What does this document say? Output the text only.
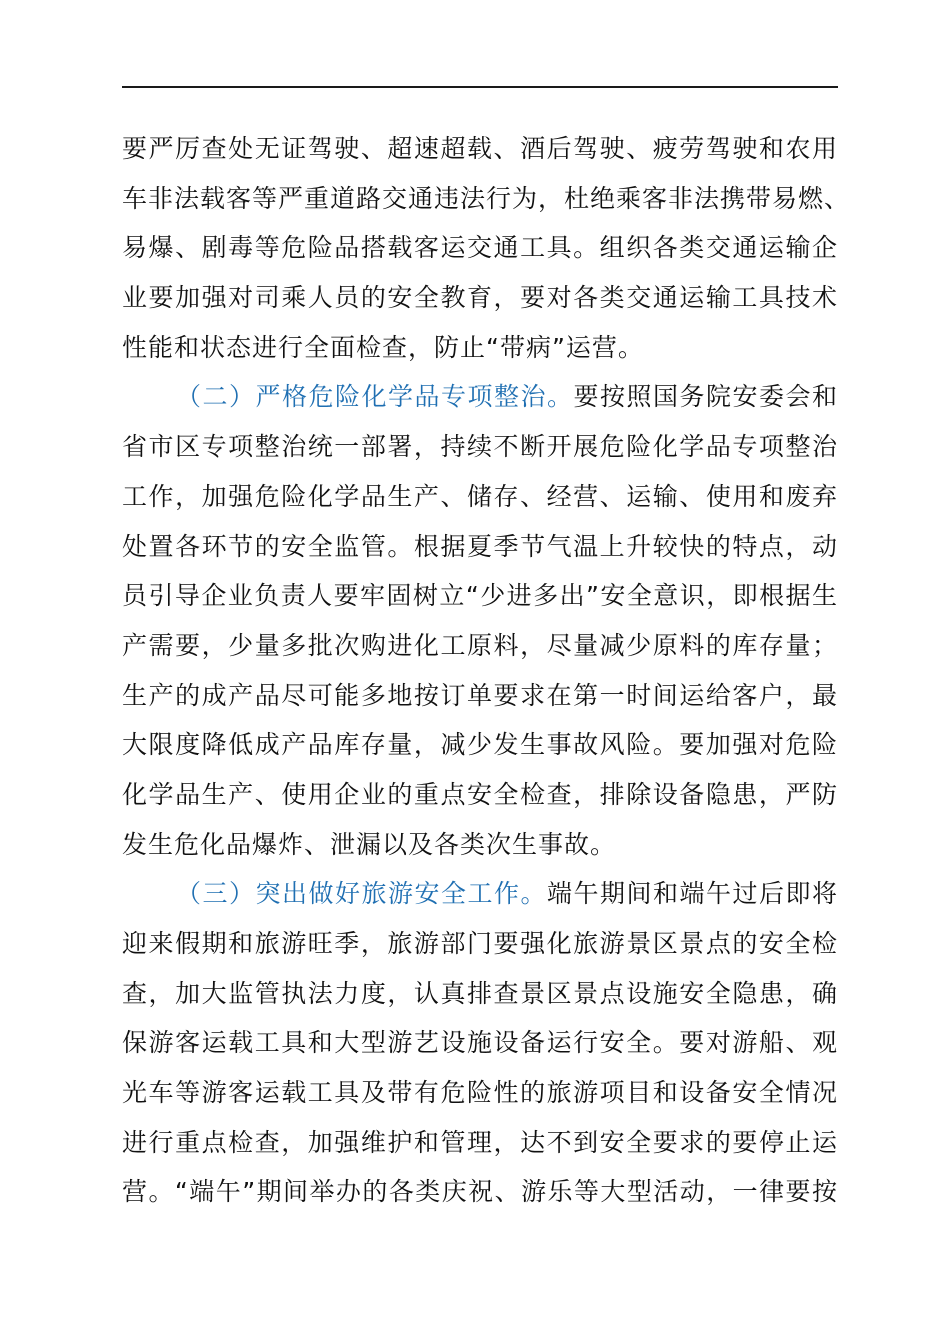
要严厉查处无证驾驶、超速超载、酒后驾驶、疲劳驾驶和农用
车非法载客等严重道路交通违法行为，杜绝乘客非法携带易燃、
易爆、剧毒等危险品搭载客运交通工具。组织各类交通运输企
业要加强对司乘人员的安全教育，要对各类交通运输工具技术
性能和状态进行全面检查，防止“带病”运营。
（二）严格危险化学品专项整治。要按照国务院安委会和
省市区专项整治统一部署，持续不断开展危险化学品专项整治
工作，加强危险化学品生产、储存、经营、运输、使用和废弃
处置各环节的安全监管。根据夏季节气温上升较快的特点，动
员引导企业负责人要牢固树立“少进多出”安全意识，即根据生
产需要，少量多批次购进化工原料，尽量减少原料的库存量；
生产的成产品尽可能多地按订单要求在第一时间运给客户，最
大限度降低成产品库存量，减少发生事故风险。要加强对危险
化学品生产、使用企业的重点安全检查，排除设备隐患，严防
发生危化品爆炸、泄漏以及各类次生事故。
（三）突出做好旅游安全工作。端午期间和端午过后即将
迎来假期和旅游旺季，旅游部门要强化旅游景区景点的安全检
查，加大监管执法力度，认真排查景区景点设施安全隐患，确
保游客运载工具和大型游艺设施设备运行安全。要对游船、观
光车等游客运载工具及带有危险性的旅游项目和设备安全情况
进行重点检查，加强维护和管理，达不到安全要求的要停止运
营。“端午”期间举办的各类庆祝、游乐等大型活动，一律要按
